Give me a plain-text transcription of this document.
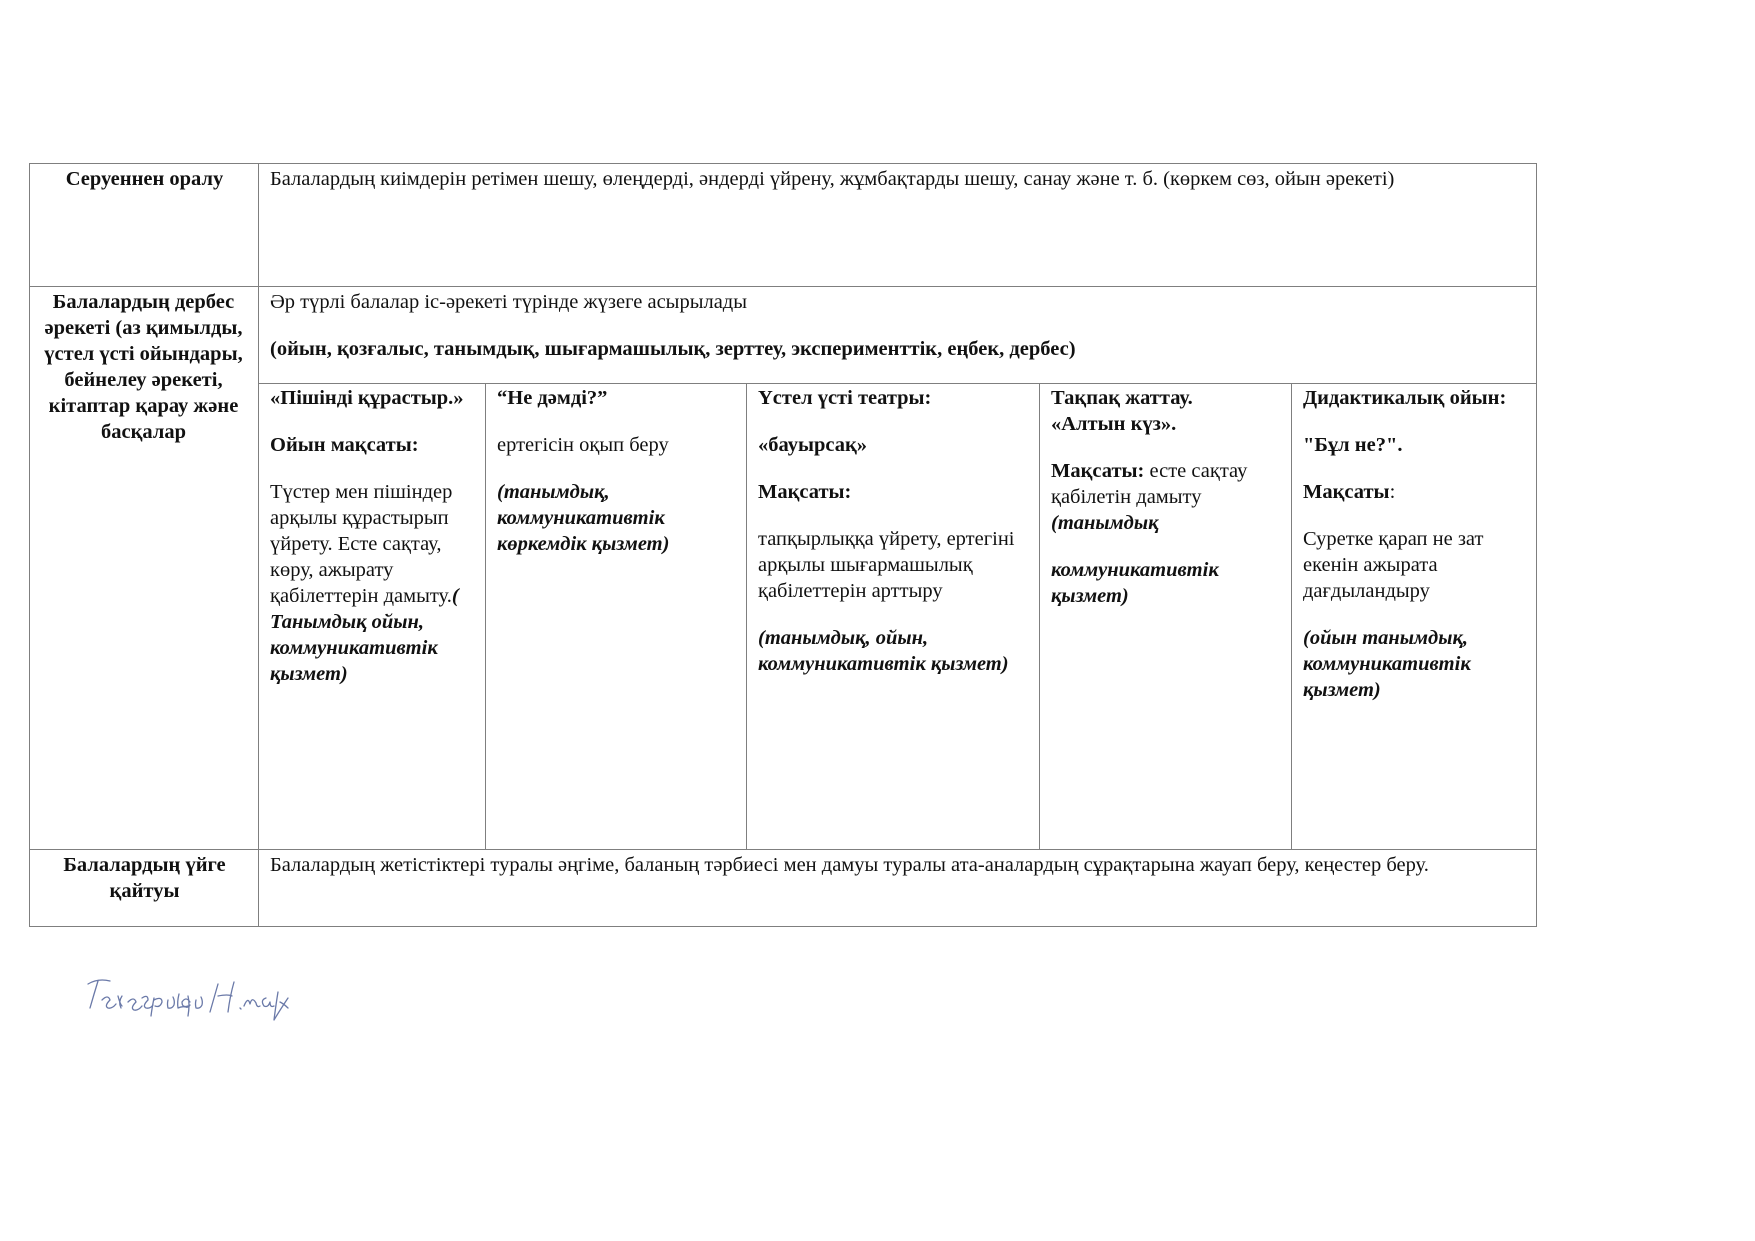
Серуеннен оралу	Балалардың киімдерін ретімен шешу, өлеңдерді, әндерді үйрену, жұмбақтарды шешу, санау және т. б. (көркем сөз, ойын әрекеті)
Балалардың дербес әрекеті (аз қимылды, үстел үсті ойындары, бейнелеу әрекеті, кітаптар қарау және басқалар
Әр түрлі балалар іс-әрекеті түрінде жүзеге асырылады
(ойын, қозғалыс, танымдық, шығармашылық, зерттеу, эксперименттік, еңбек, дербес)

«Пішінді құрастыр.»

Ойын мақсаты:

Түстер мен пішіндер арқылы құрастырып үйрету. Есте сақтау, көру, ажырату қабілеттерін дамыту.( Танымдық ойын, коммуникативтік қызмет)

“Не дәмді?”

ертегісін оқып беру

(танымдық, коммуникативтік көркемдік қызмет)

Үстел үсті театры:

«бауырсақ»

Мақсаты:

тапқырлыққа үйрету, ертегіні арқылы шығармашылық қабілеттерін арттыру

(танымдық, ойын, коммуникативтік қызмет)

Тақпақ жаттау. «Алтын күз».

Мақсаты: есте сақтау қабілетін дамыту

(танымдық

коммуникативтік қызмет)

Дидактикалық ойын:

"Бұл не?".

Мақсаты:

Суретке қарап не зат екенін ажырата дағдыландыру

(ойын танымдық, коммуникативтік қызмет)

Балалардың үйге қайтуы
Балалардың жетістіктері туралы әңгіме, баланың тәрбиесі мен дамуы туралы ата-аналардың сұрақтарына жауап беру, кеңестер беру.
